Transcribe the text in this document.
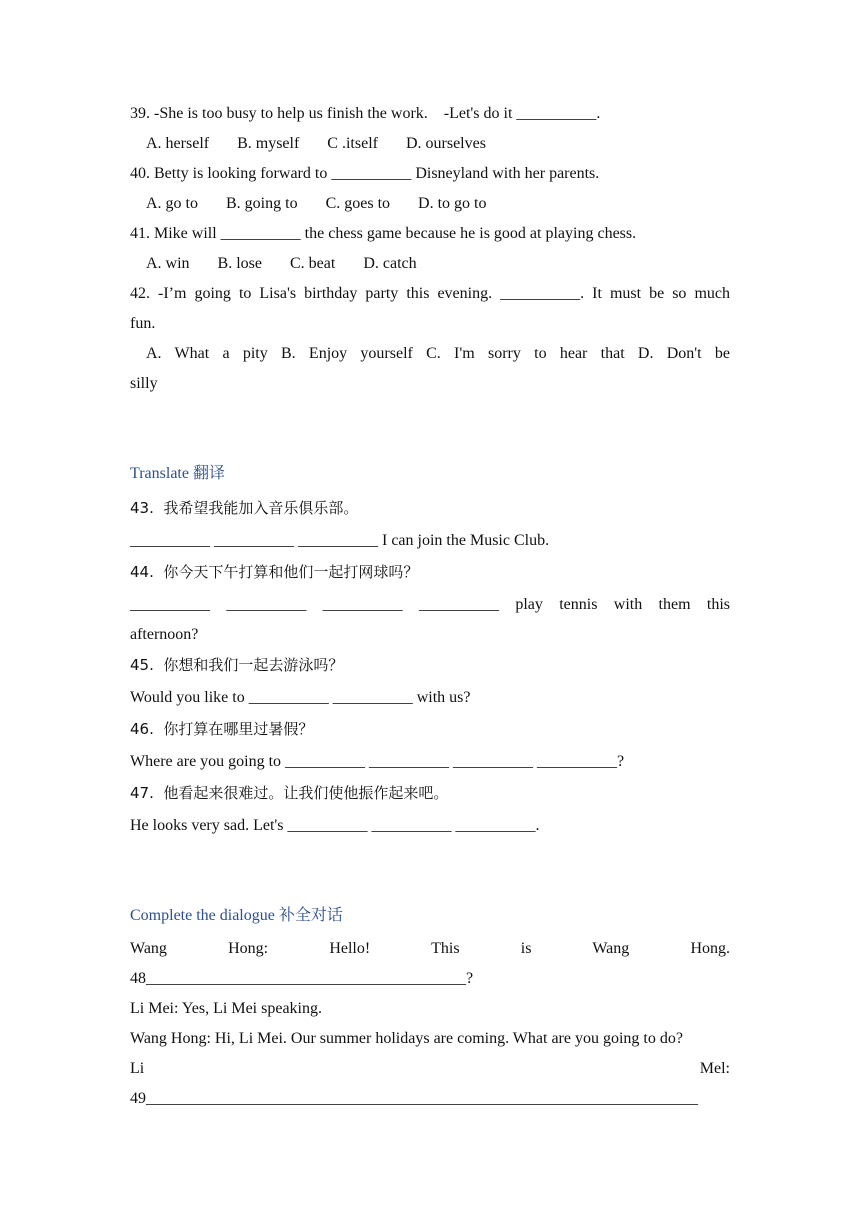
39. -She is too busy to help us finish the work.    -Let's do it __________.
A. herself       B. myself       C .itself       D. ourselves
40. Betty is looking forward to __________ Disneyland with her parents.
A. go to       B. going to       C. goes to       D. to go to
41. Mike will __________ the chess game because he is good at playing chess.
A. win       B. lose       C. beat       D. catch
42. -I’m going to Lisa's birthday party this evening. __________. It must be so much
fun.
A. What a pity B. Enjoy yourself C. I'm sorry to hear that D. Don't be
silly
Translate 翻译
43.  我希望我能加入音乐俱乐部。
__________ __________ __________ I can join the Music Club.
44.  你今天下午打算和他们一起打网球吗？
__________ __________ __________ __________ play tennis with them this
afternoon?
45.  你想和我们一起去游泳吗？
Would you like to __________ __________ with us?
46.  你打算在哪里过暑假？
Where are you going to __________ __________ __________ __________?
47.  他看起来很难过。让我们使他振作起来吧。
He looks very sad. Let's __________ __________ __________.
Complete the dialogue 补全对话
Wang Hong: Hello! This is Wang Hong.
48________________________________________?
Li Mei: Yes, Li Mei speaking.
Wang Hong: Hi, Li Mei. Our summer holidays are coming. What are you going to do?
Li Mel:
49_____________________________________________________________________
